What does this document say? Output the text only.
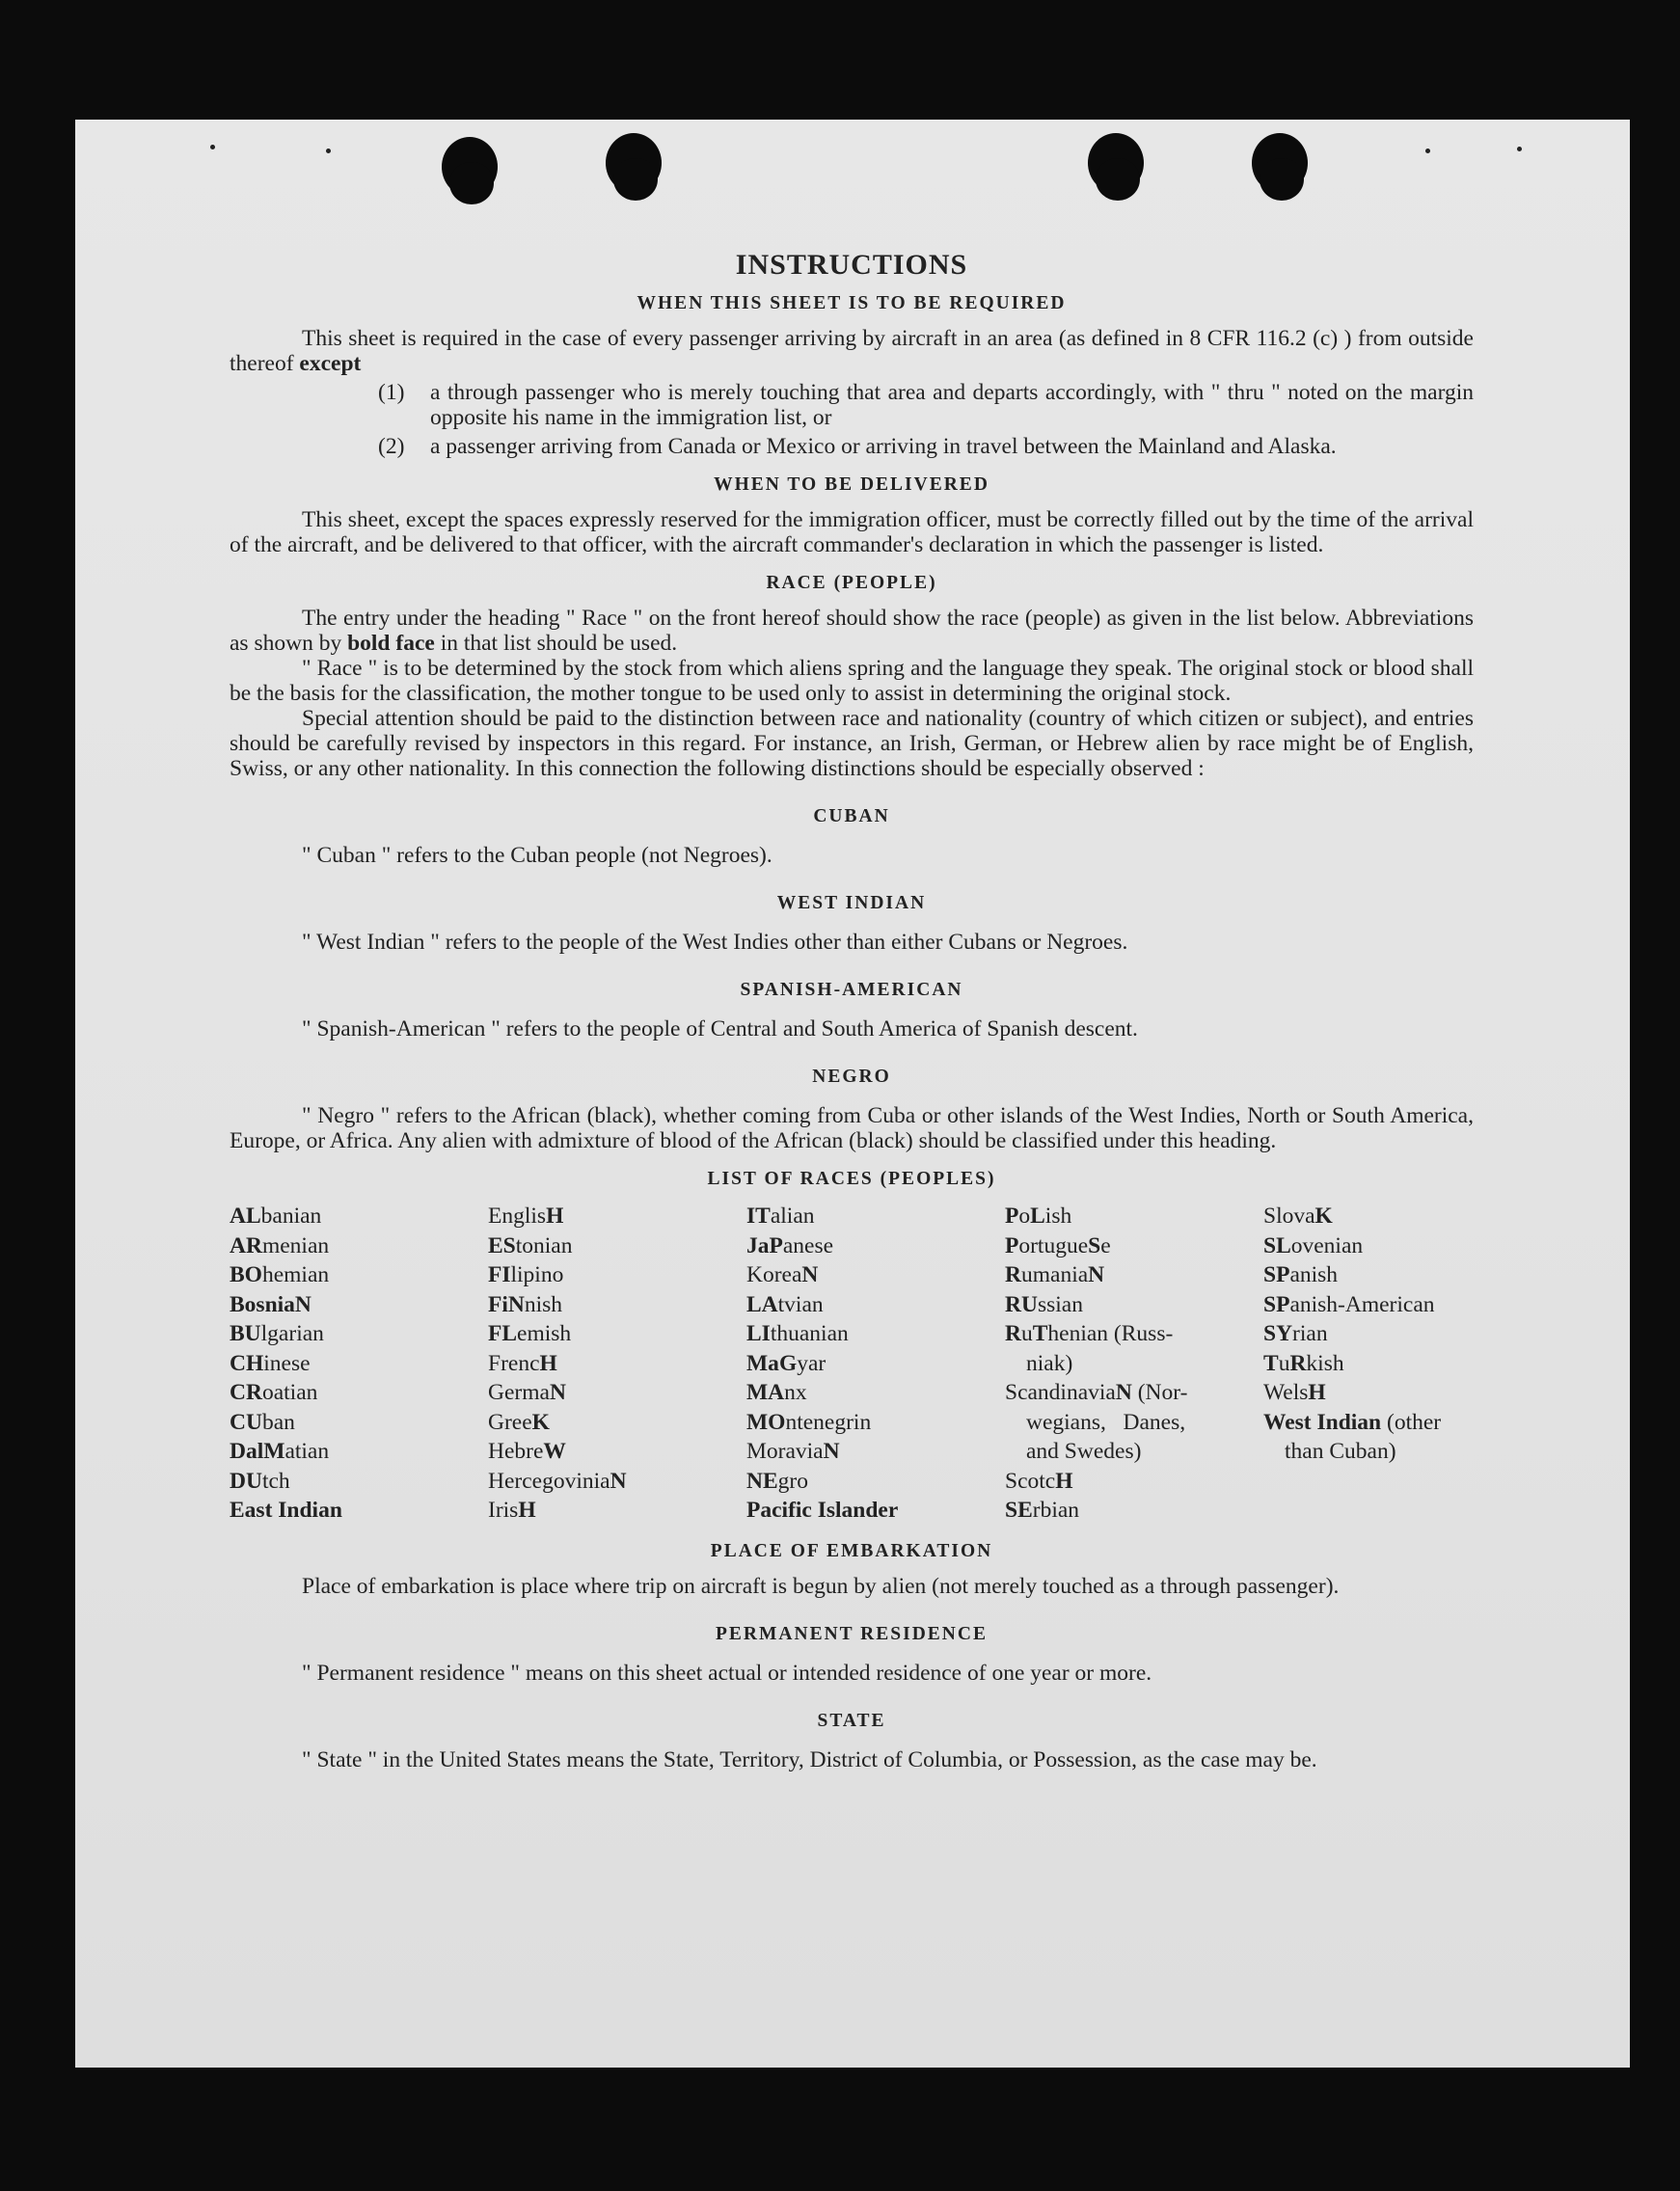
INSTRUCTIONS
WHEN THIS SHEET IS TO BE REQUIRED

This sheet is required in the case of every passenger arriving by aircraft in an area (as defined in 8 CFR 116.2 (c) ) from outside thereof except

(1)	a through passenger who is merely touching that area and departs accordingly, with " thru " noted on the margin opposite his name in the immigration list, or
(2)	a passenger arriving from Canada or Mexico or arriving in travel between the Mainland and Alaska.
WHEN TO BE DELIVERED

This sheet, except the spaces expressly reserved for the immigration officer, must be correctly filled out by the time of the arrival of the aircraft, and be delivered to that officer, with the aircraft commander's declaration in which the passenger is listed.

RACE (PEOPLE)

The entry under the heading " Race " on the front hereof should show the race (people) as given in the list below. Abbreviations as shown by bold face in that list should be used.

" Race " is to be determined by the stock from which aliens spring and the language they speak. The original stock or blood shall be the basis for the classification, the mother tongue to be used only to assist in determining the original stock.

Special attention should be paid to the distinction between race and nationality (country of which citizen or subject), and entries should be carefully revised by inspectors in this regard. For instance, an Irish, German, or Hebrew alien by race might be of English, Swiss, or any other nationality. In this connection the following distinctions should be especially observed :

CUBAN

" Cuban " refers to the Cuban people (not Negroes).

WEST INDIAN

" West Indian " refers to the people of the West Indies other than either Cubans or Negroes.

SPANISH-AMERICAN

" Spanish-American " refers to the people of Central and South America of Spanish descent.

NEGRO

" Negro " refers to the African (black), whether coming from Cuba or other islands of the West Indies, North or South America, Europe, or Africa. Any alien with admixture of blood of the African (black) should be classified under this heading.

LIST OF RACES (PEOPLES)
ALbanian
ARmenian
BOhemian
BosniaN
BUlgarian
CHinese
CRoatian
CUban
DalMatian
DUtch
East Indian
EnglisH
EStonian
FIlipino
FiNnish
FLemish
FrencH
GermaN
GreeK
HebreW
HercegoviniaN
IrisH
ITalian
JaPanese
KoreaN
LAtvian
LIthuanian
MaGyar
MAnx
MOntenegrin
MoraviaN
NEgro
Pacific Islander
PoLish
PortugueSe
RumaniaN
RUssian
RuThenian (Russ-
niak)
ScandinaviaN (Nor-
wegians,   Danes,
and Swedes)
ScotcH
SErbian
SlovaK
SLovenian
SPanish
SPanish-American
SYrian
TuRkish
WelsH
West Indian (other
than Cuban)
PLACE OF EMBARKATION

Place of embarkation is place where trip on aircraft is begun by alien (not merely touched as a through passenger).

PERMANENT RESIDENCE

" Permanent residence " means on this sheet actual or intended residence of one year or more.

STATE

" State " in the United States means the State, Territory, District of Columbia, or Possession, as the case may be.
